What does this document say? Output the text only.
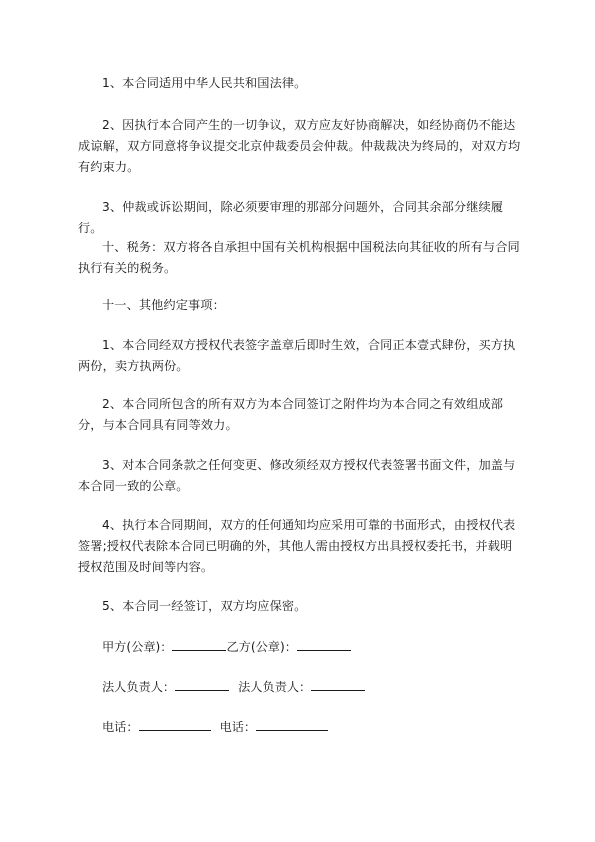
1、本合同适用中华人民共和国法律。

2、因执行本合同产生的一切争议，双方应友好协商解决，如经协商仍不能达成谅解，双方同意将争议提交北京仲裁委员会仲裁。仲裁裁决为终局的，对双方均有约束力。

3、仲裁或诉讼期间，除必须要审理的那部分问题外，合同其余部分继续履行。

十、税务：双方将各自承担中国有关机构根据中国税法向其征收的所有与合同执行有关的税务。

十一、其他约定事项：

1、本合同经双方授权代表签字盖章后即时生效，合同正本壹式肆份，买方执两份，卖方执两份。

2、本合同所包含的所有双方为本合同签订之附件均为本合同之有效组成部分，与本合同具有同等效力。

3、对本合同条款之任何变更、修改须经双方授权代表签署书面文件，加盖与本合同一致的公章。

4、执行本合同期间，双方的任何通知均应采用可靠的书面形式，由授权代表签署;授权代表除本合同已明确的外，其他人需由授权方出具授权委托书，并载明授权范围及时间等内容。

5、本合同一经签订，双方均应保密。

甲方(公章)：	乙方(公章)：
法人负责人：	法人负责人：
电话：	电话：
